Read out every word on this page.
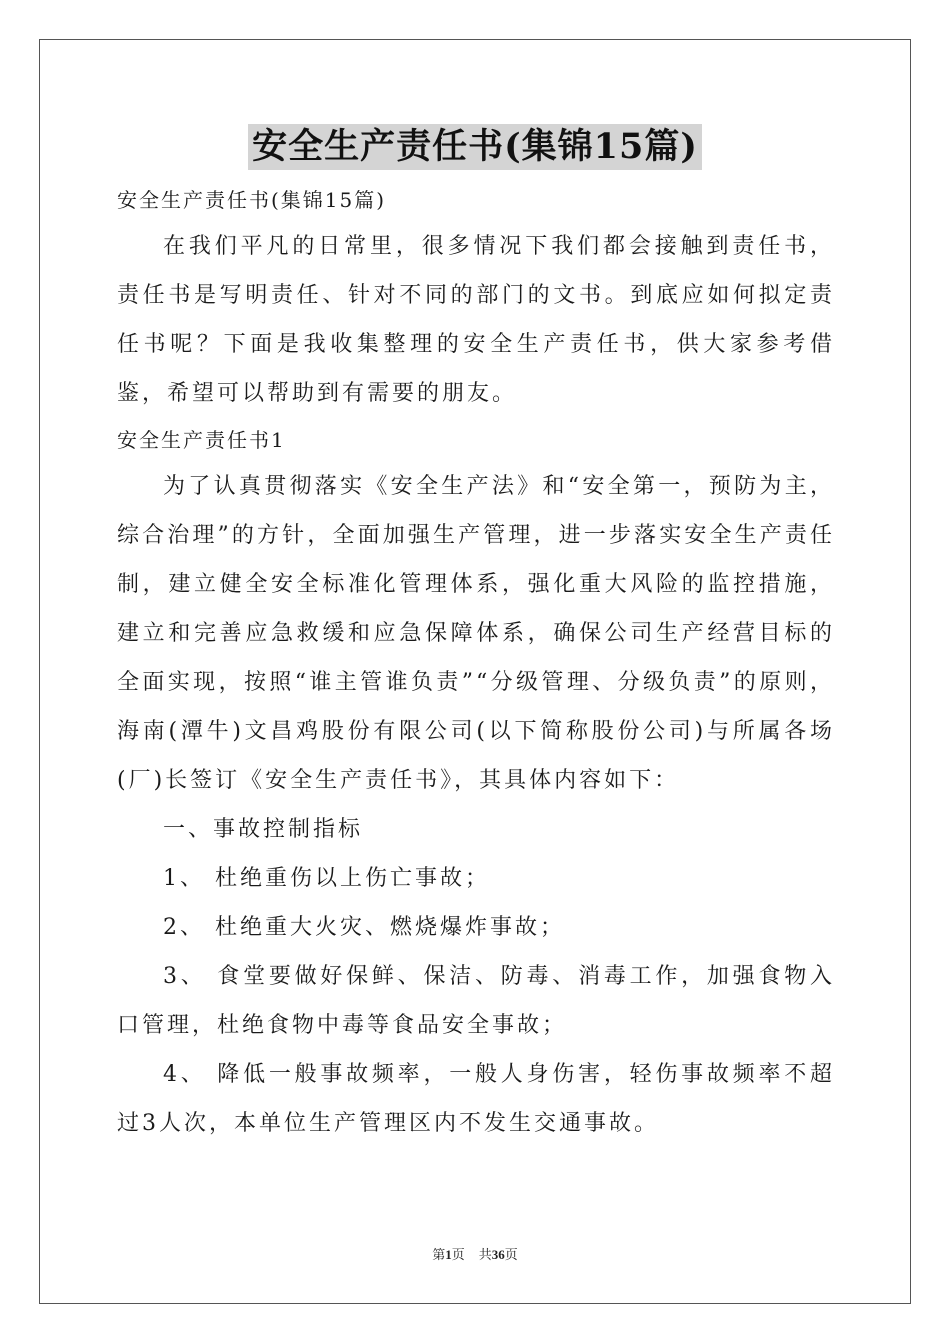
安全生产责任书(集锦15篇)

安全生产责任书(集锦15篇)

在我们平凡的日常里，很多情况下我们都会接触到责任书，责任书是写明责任、针对不同的部门的文书。到底应如何拟定责任书呢？下面是我收集整理的安全生产责任书，供大家参考借鉴，希望可以帮助到有需要的朋友。

安全生产责任书1

为了认真贯彻落实《安全生产法》和“安全第一，预防为主，综合治理”的方针，全面加强生产管理，进一步落实安全生产责任制，建立健全安全标准化管理体系，强化重大风险的监控措施，建立和完善应急救缓和应急保障体系，确保公司生产经营目标的全面实现，按照“谁主管谁负责”“分级管理、分级负责”的原则，海南(潭牛)文昌鸡股份有限公司(以下简称股份公司)与所属各场(厂)长签订《安全生产责任书》，其具体内容如下：

一、事故控制指标

1、 杜绝重伤以上伤亡事故；

2、 杜绝重大火灾、燃烧爆炸事故；

3、 食堂要做好保鲜、保洁、防毒、消毒工作，加强食物入口管理，杜绝食物中毒等食品安全事故；

4、 降低一般事故频率，一般人身伤害，轻伤事故频率不超过3人次，本单位生产管理区内不发生交通事故。

第1页 共36页
